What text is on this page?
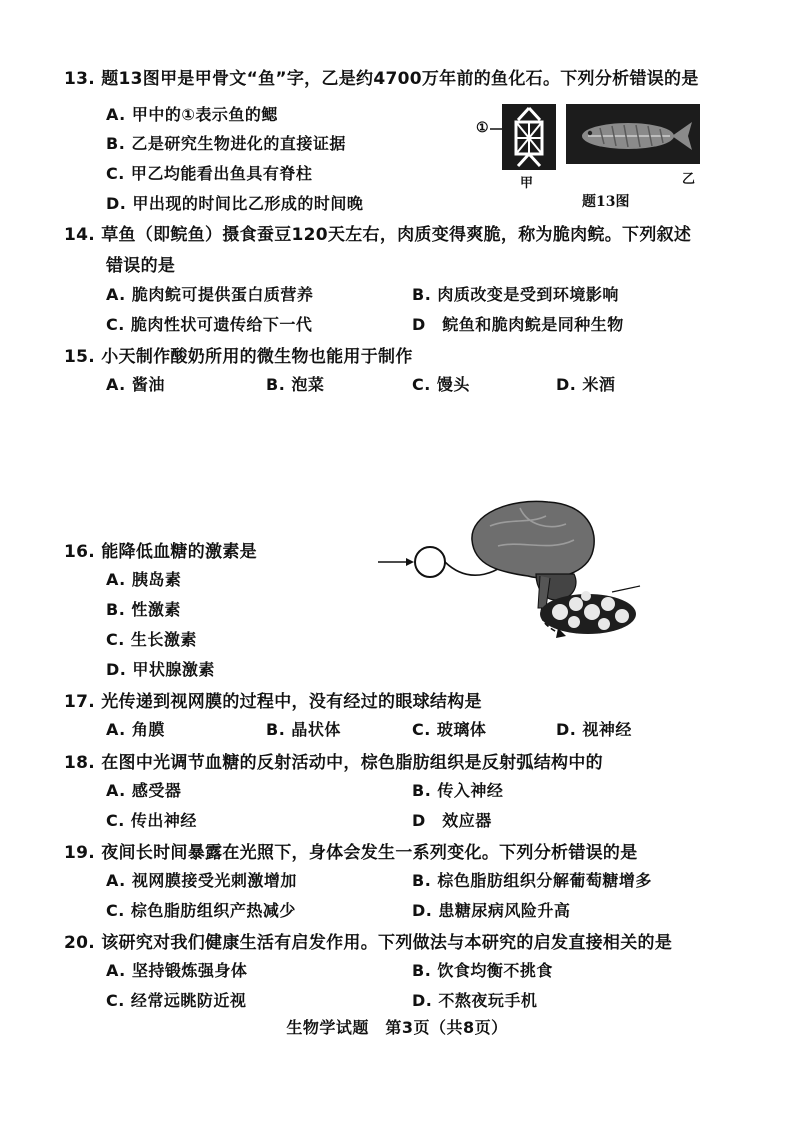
13. 题13图甲是甲骨文“鱼”字，乙是约4700万年前的鱼化石。下列分析错误的是
A. 甲中的①表示鱼的鳃
B. 乙是研究生物进化的直接证据
C. 甲乙均能看出鱼具有脊柱
D. 甲出现的时间比乙形成的时间晚
①
甲	乙
题13图
14. 草鱼（即鲩鱼）摄食蚕豆120天左右，肉质变得爽脆，称为脆肉鲩。下列叙述
错误的是
A. 脆肉鲩可提供蛋白质营养	B. 肉质改变是受到环境影响
C. 脆肉性状可遗传给下一代	D　鲩鱼和脆肉鲩是同种生物
15. 小天制作酸奶所用的微生物也能用于制作
A. 酱油	B. 泡菜	C. 馒头	D. 米酒
16. 能降低血糖的激素是
A. 胰岛素
B. 性激素
C. 生长激素
D. 甲状腺激素
17. 光传递到视网膜的过程中，没有经过的眼球结构是
A. 角膜	B. 晶状体	C. 玻璃体	D. 视神经
18. 在图中光调节血糖的反射活动中，棕色脂肪组织是反射弧结构中的
A. 感受器	B. 传入神经
C. 传出神经	D　效应器
19. 夜间长时间暴露在光照下，身体会发生一系列变化。下列分析错误的是
A. 视网膜接受光刺激增加	B. 棕色脂肪组织分解葡萄糖增多
C. 棕色脂肪组织产热减少	D. 患糖尿病风险升高
20. 该研究对我们健康生活有启发作用。下列做法与本研究的启发直接相关的是
A. 坚持锻炼强身体	B. 饮食均衡不挑食
C. 经常远眺防近视	D. 不熬夜玩手机
生物学试题　第3页（共8页）
